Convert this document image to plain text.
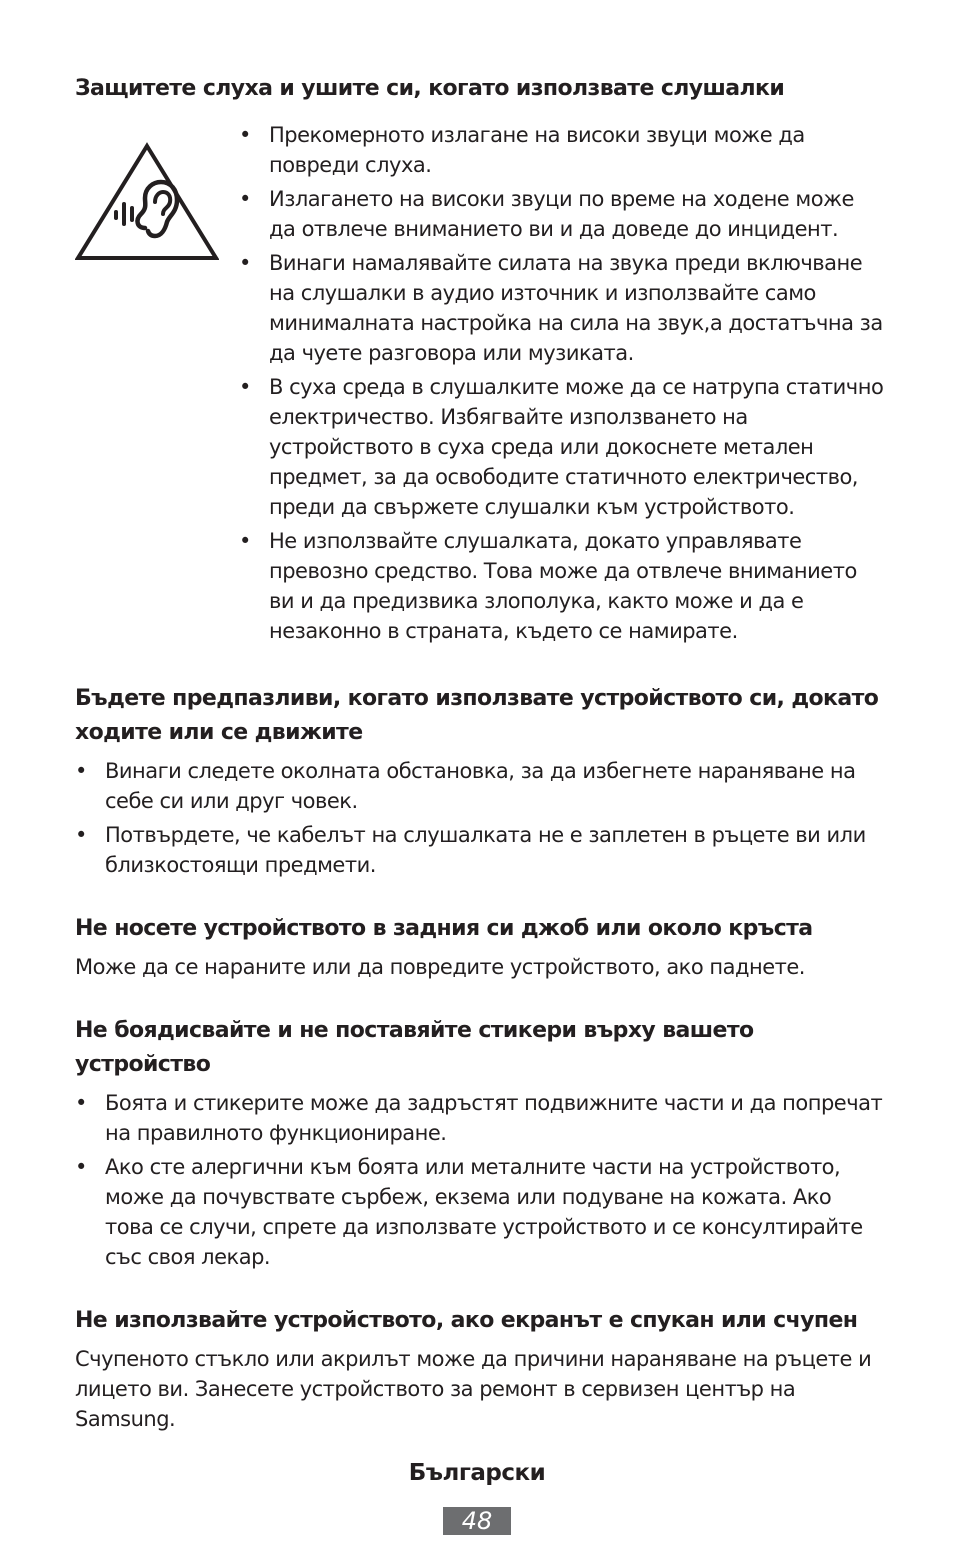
Защитете слуха и ушите си, когато използвате слушалки
• Прекомерното излагане на високи звуци може да повреди слуха.
• Излагането на високи звуци по време на ходене може да отвлече вниманието ви и да доведе до инцидент.
• Винаги намалявайте силата на звука преди включване на слушалки в аудио източник и използвайте само минималната настройка на сила на звук,а достатъчна за да чуете разговора или музиката.
• В суха среда в слушалките може да се натрупа статично електричество. Избягвайте използването на устройството в суха среда или докоснете метален предмет, за да освободите статичното електричество, преди да свържете слушалки към устройството.
• Не използвайте слушалката, докато управлявате превозно средство. Това може да отвлече вниманието ви и да предизвика злополука, както може и да е незаконно в страната, където се намирате.
Бъдете предпазливи, когато използвате устройството си, докато ходите или се движите
• Винаги следете околната обстановка, за да избегнете нараняване на себе си или друг човек.
• Потвърдете, че кабелът на слушалката не е заплетен в ръцете ви или близкостоящи предмети.
Не носете устройството в задния си джоб или около кръста

Може да се нараните или да повредите устройството, ако паднете.

Не боядисвайте и не поставяйте стикери върху вашето устройство
• Боята и стикерите може да задръстят подвижните части и да попречат на правилното функциониране.
• Ако сте алергични към боята или металните части на устройството, може да почувствате сърбеж, екзема или подуване на кожата. Ако това се случи, спрете да използвате устройството и се консултирайте със своя лекар.
Не използвайте устройството, ако екранът е спукан или счупен

Счупеното стъкло или акрилът може да причини нараняване на ръцете и лицето ви. Занесете устройството за ремонт в сервизен център на Samsung.

Български
48
